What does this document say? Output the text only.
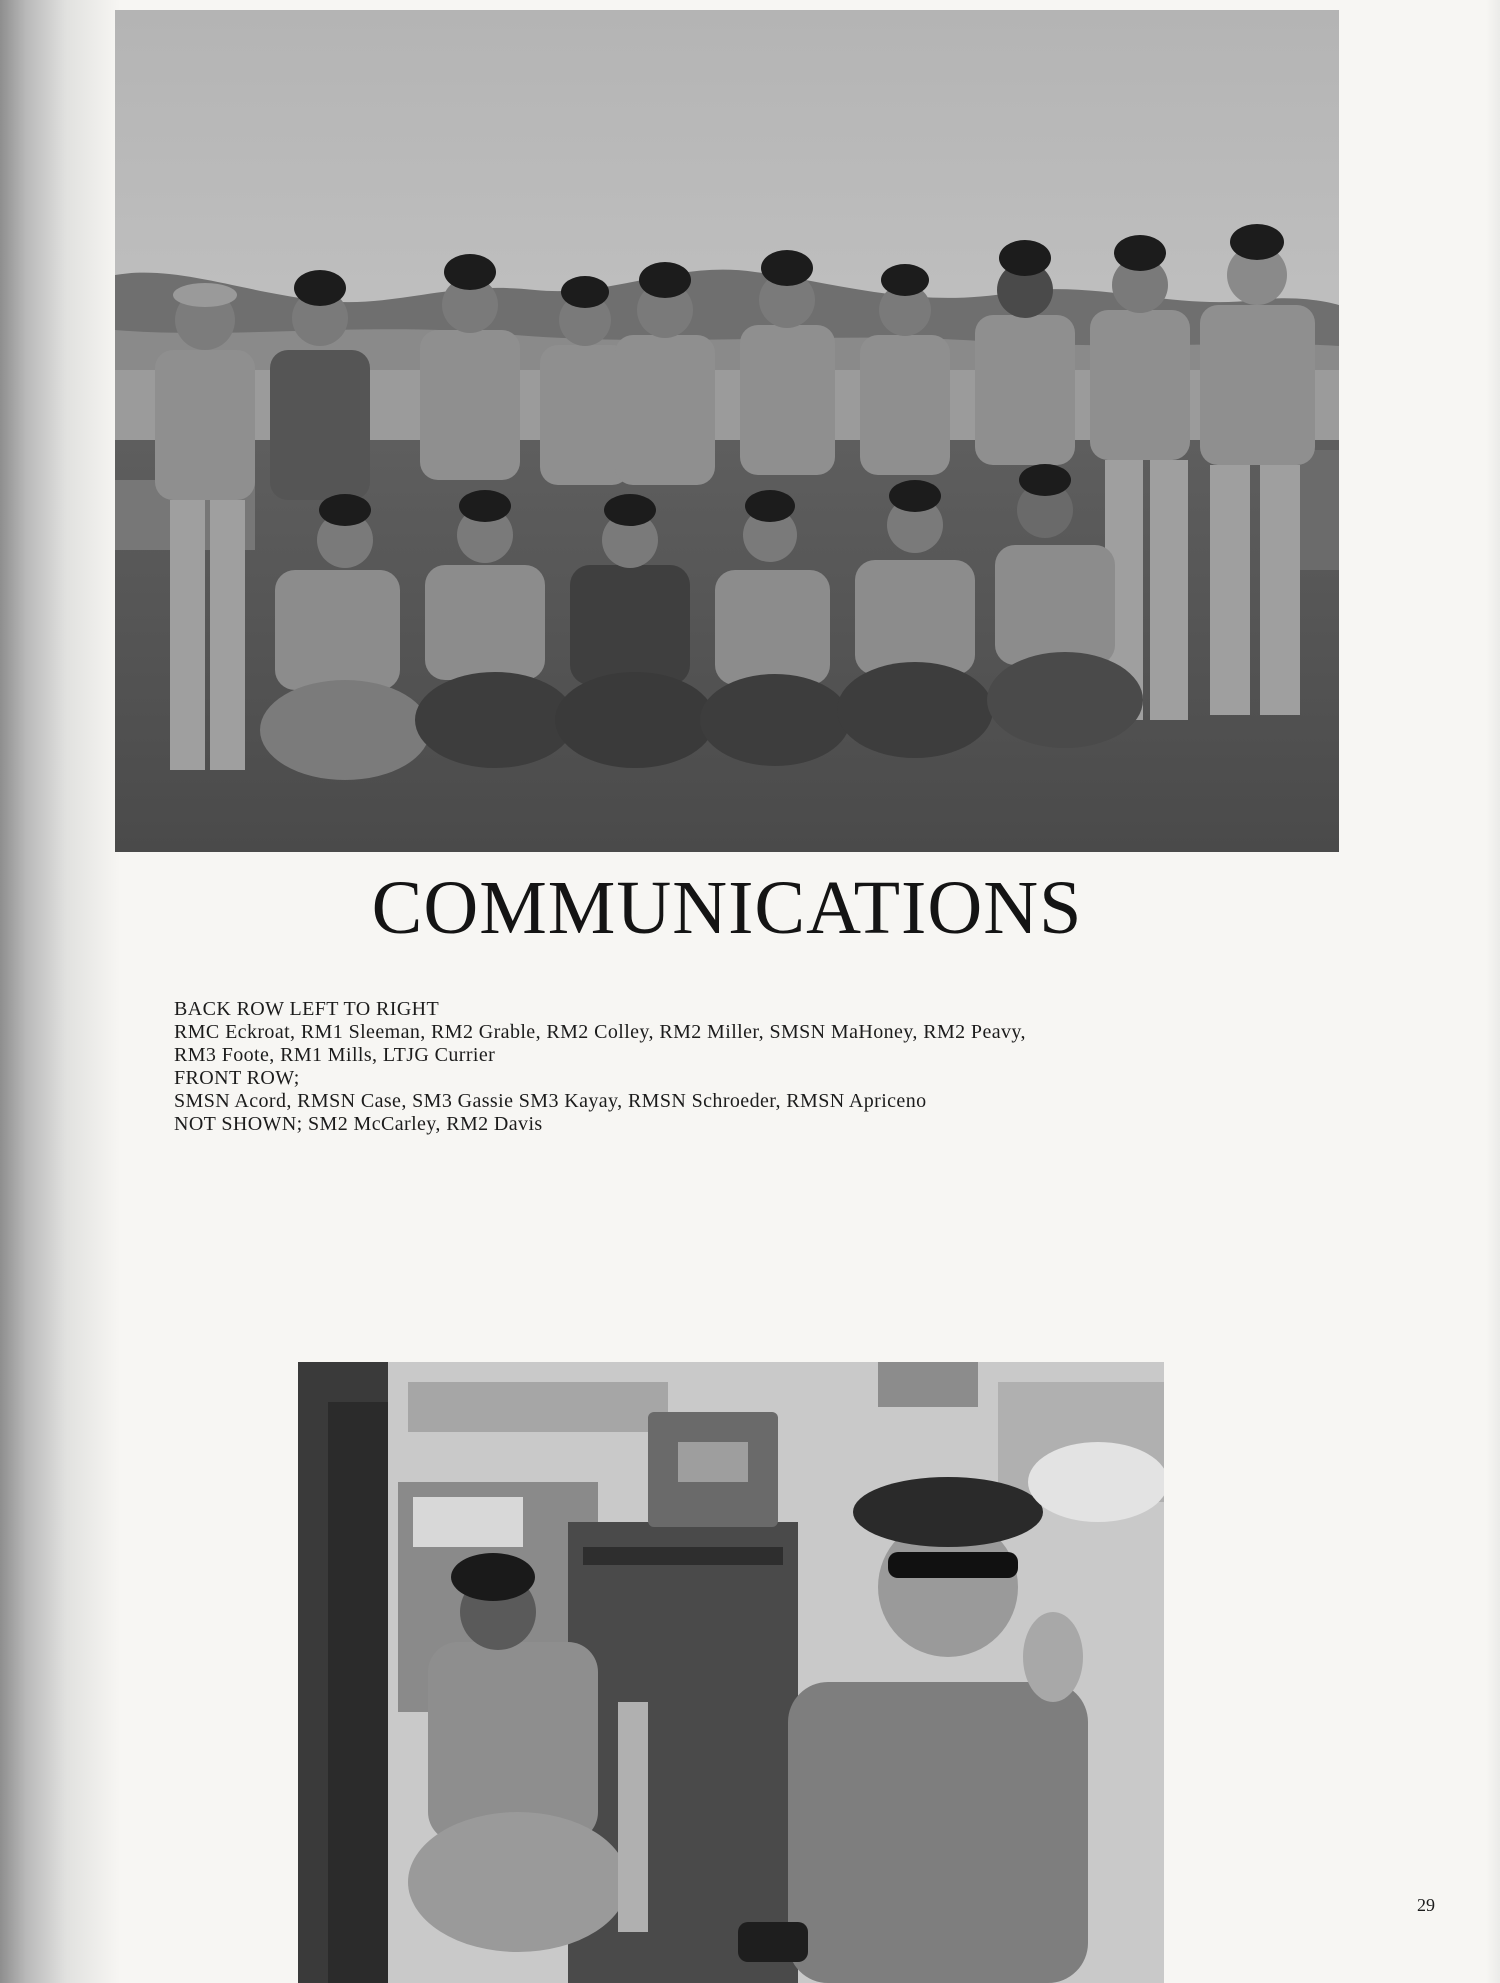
COMMUNICATIONS
BACK ROW LEFT TO RIGHT
RMC Eckroat, RM1 Sleeman, RM2 Grable, RM2 Colley, RM2 Miller, SMSN MaHoney, RM2 Peavy,
RM3 Foote, RM1 Mills, LTJG Currier
FRONT ROW;
SMSN Acord, RMSN Case, SM3 Gassie SM3 Kayay, RMSN Schroeder, RMSN Apriceno
NOT SHOWN; SM2 McCarley, RM2 Davis
29
